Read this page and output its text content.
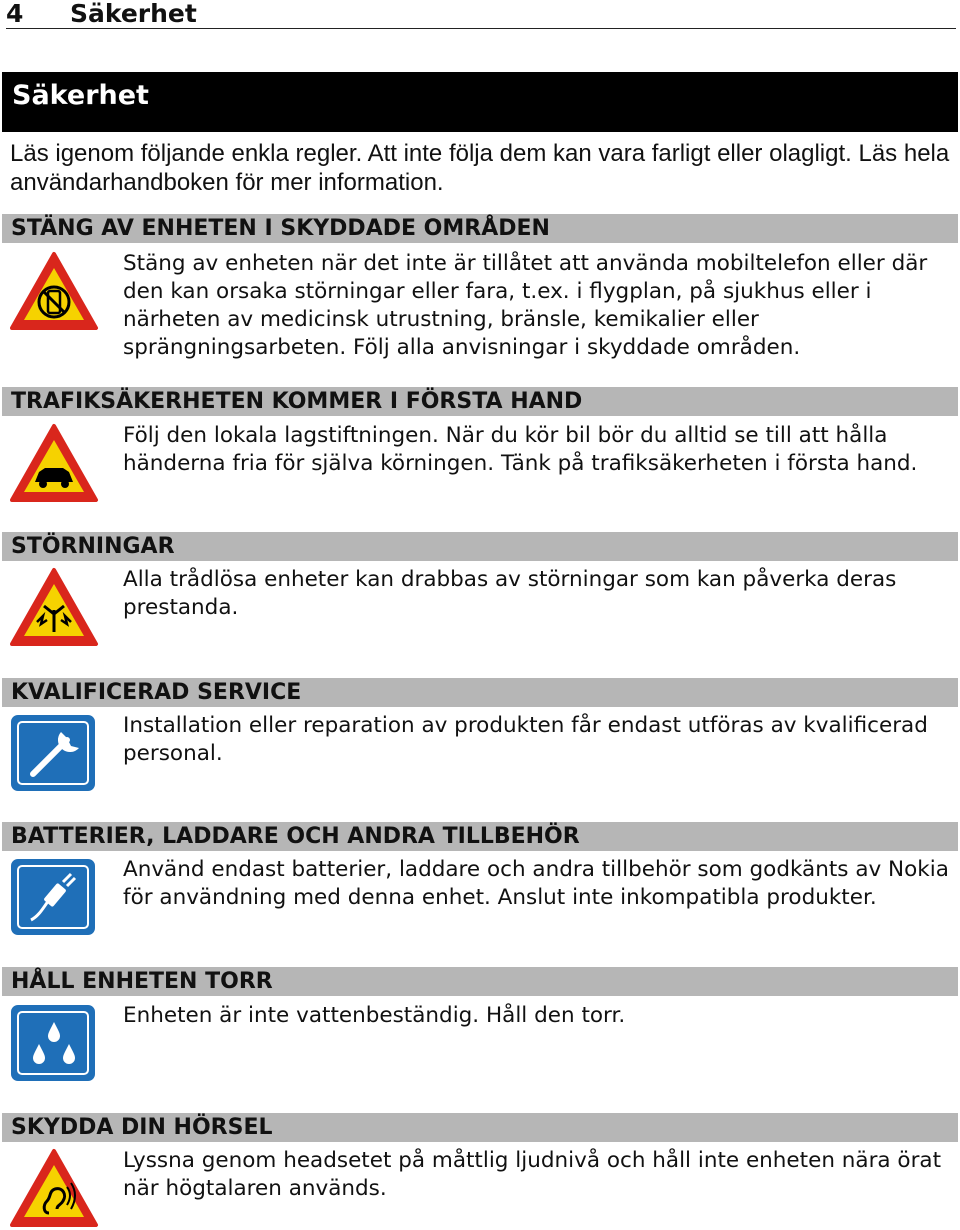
4 Säkerhet
Säkerhet
Läs igenom följande enkla regler. Att inte följa dem kan vara farligt eller olagligt. Läs hela användarhandboken för mer information.
STÄNG AV ENHETEN I SKYDDADE OMRÅDEN
Stäng av enheten när det inte är tillåtet att använda mobiltelefon eller där den kan orsaka störningar eller fara, t.ex. i flygplan, på sjukhus eller i närheten av medicinsk utrustning, bränsle, kemikalier eller sprängningsarbeten. Följ alla anvisningar i skyddade områden.
TRAFIKSÄKERHETEN KOMMER I FÖRSTA HAND
Följ den lokala lagstiftningen. När du kör bil bör du alltid se till att hålla händerna fria för själva körningen. Tänk på trafiksäkerheten i första hand.
STÖRNINGAR
Alla trådlösa enheter kan drabbas av störningar som kan påverka deras prestanda.
KVALIFICERAD SERVICE
Installation eller reparation av produkten får endast utföras av kvalificerad personal.
BATTERIER, LADDARE OCH ANDRA TILLBEHÖR
Använd endast batterier, laddare och andra tillbehör som godkänts av Nokia för användning med denna enhet. Anslut inte inkompatibla produkter.
HÅLL ENHETEN TORR
Enheten är inte vattenbeständig. Håll den torr.
SKYDDA DIN HÖRSEL
Lyssna genom headsetet på måttlig ljudnivå och håll inte enheten nära örat när högtalaren används.
